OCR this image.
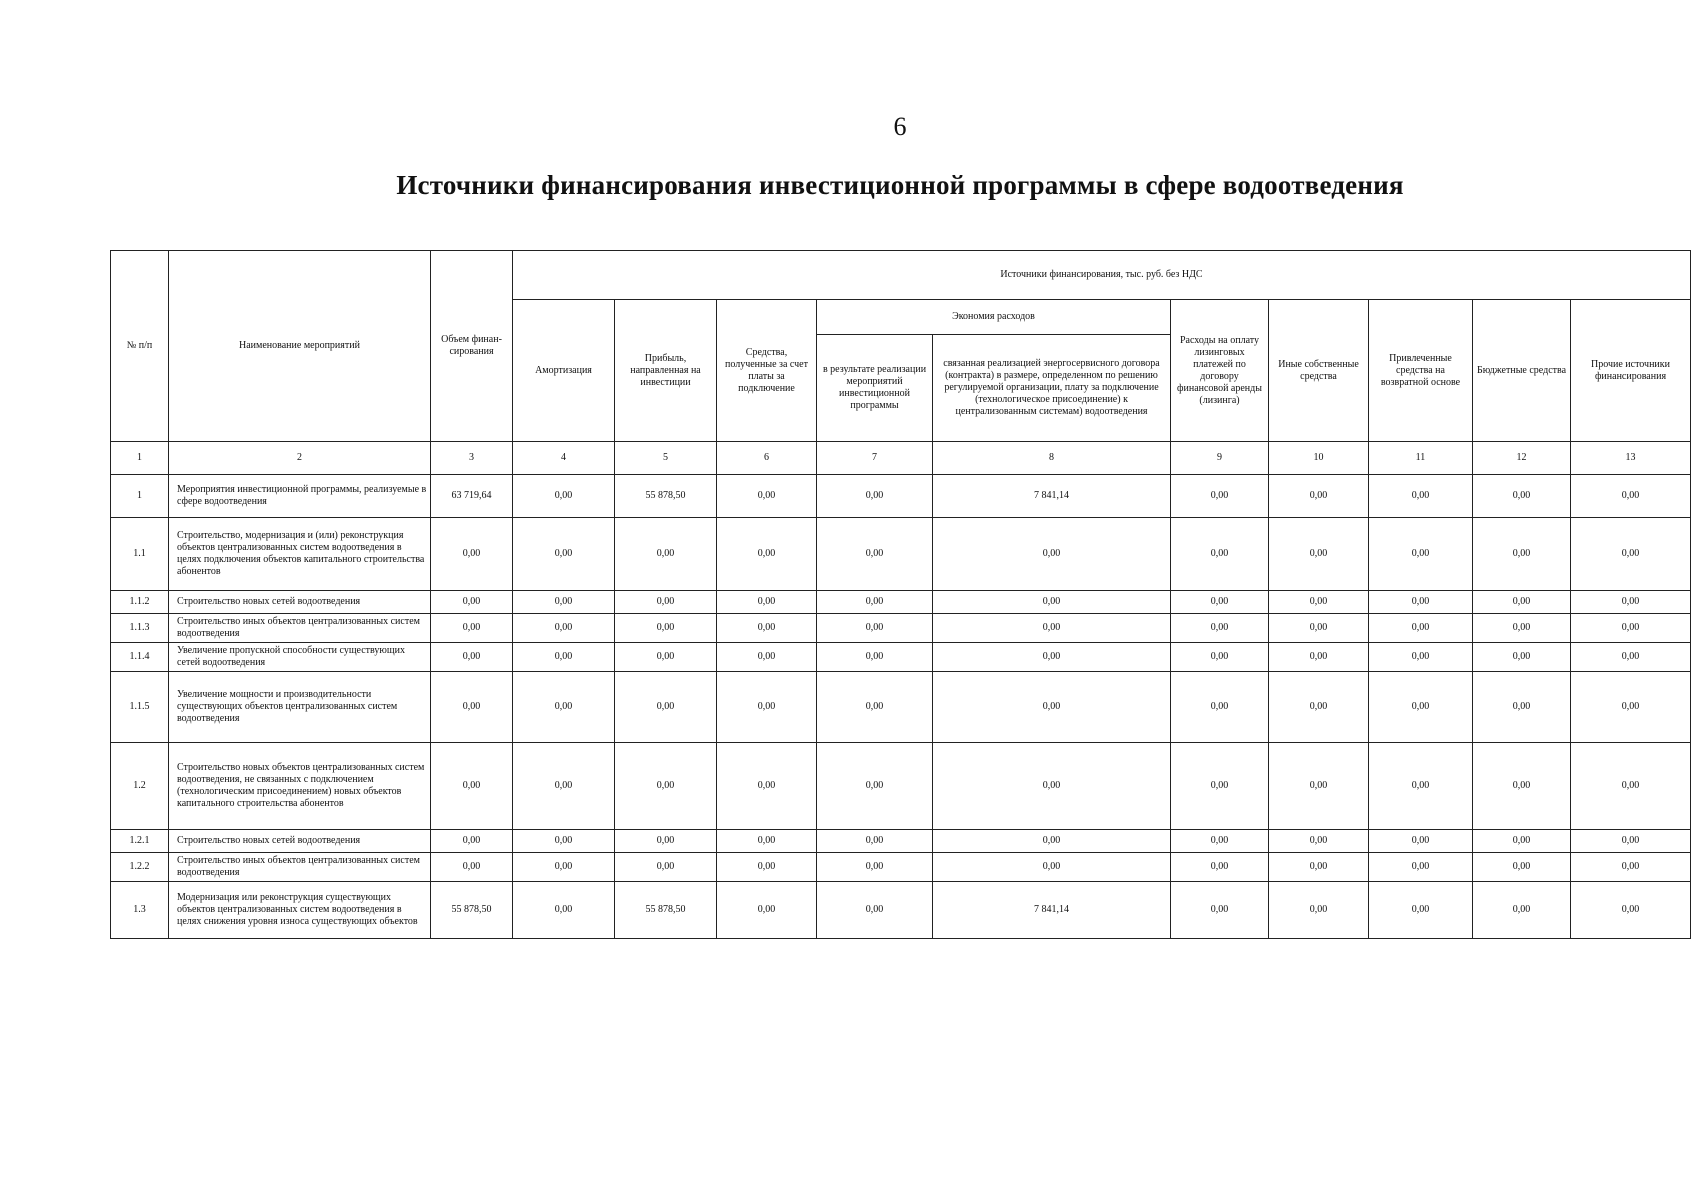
6
Источники финансирования инвестиционной программы в сфере водоотведения
№ п/п	Наименование мероприятий	Объем финан- сирования	Источники финансирования, тыс. руб. без НДС									
			Амортизация	Прибыль, направленная на инвестиции	Средства, полученные за счет платы за подключение	Экономия расходов		Расходы на оплату лизинговых платежей по договору финансовой аренды (лизинга)	Иные собственные средства	Привлеченные средства на возвратной основе	Бюджетные средства	Прочие источники финансирования
						в результате реализации мероприятий инвестиционной программы	связанная реализацией энергосервисного договора (контракта) в размере, определенном по решению регулируемой организации, плату за подключение (технологическое присоединение) к централизованным системам) водоотведения					
1	2	3	4	5	6	7	8	9	10	11	12	13
1	Мероприятия инвестиционной программы, реализуемые в сфере водоотведения	63 719,64	0,00	55 878,50	0,00	0,00	7 841,14	0,00	0,00	0,00	0,00	0,00
1.1	Строительство, модернизация и (или) реконструкция объектов централизованных систем водоотведения в целях подключения объектов капитального строительства абонентов	0,00	0,00	0,00	0,00	0,00	0,00	0,00	0,00	0,00	0,00	0,00
1.1.2	Строительство новых сетей водоотведения	0,00	0,00	0,00	0,00	0,00	0,00	0,00	0,00	0,00	0,00	0,00
1.1.3	Строительство иных объектов централизованных систем водоотведения	0,00	0,00	0,00	0,00	0,00	0,00	0,00	0,00	0,00	0,00	0,00
1.1.4	Увеличение пропускной способности существующих сетей водоотведения	0,00	0,00	0,00	0,00	0,00	0,00	0,00	0,00	0,00	0,00	0,00
1.1.5	Увеличение мощности и производительности существующих объектов централизованных систем водоотведения	0,00	0,00	0,00	0,00	0,00	0,00	0,00	0,00	0,00	0,00	0,00
1.2	Строительство новых объектов централизованных систем водоотведения, не связанных с подключением (технологическим присоединением) новых объектов капитального строительства абонентов	0,00	0,00	0,00	0,00	0,00	0,00	0,00	0,00	0,00	0,00	0,00
1.2.1	Строительство новых сетей водоотведения	0,00	0,00	0,00	0,00	0,00	0,00	0,00	0,00	0,00	0,00	0,00
1.2.2	Строительство иных объектов централизованных систем водоотведения	0,00	0,00	0,00	0,00	0,00	0,00	0,00	0,00	0,00	0,00	0,00
1.3	Модернизация или реконструкция существующих объектов централизованных систем водоотведения в целях снижения уровня износа существующих объектов	55 878,50	0,00	55 878,50	0,00	0,00	7 841,14	0,00	0,00	0,00	0,00	0,00
